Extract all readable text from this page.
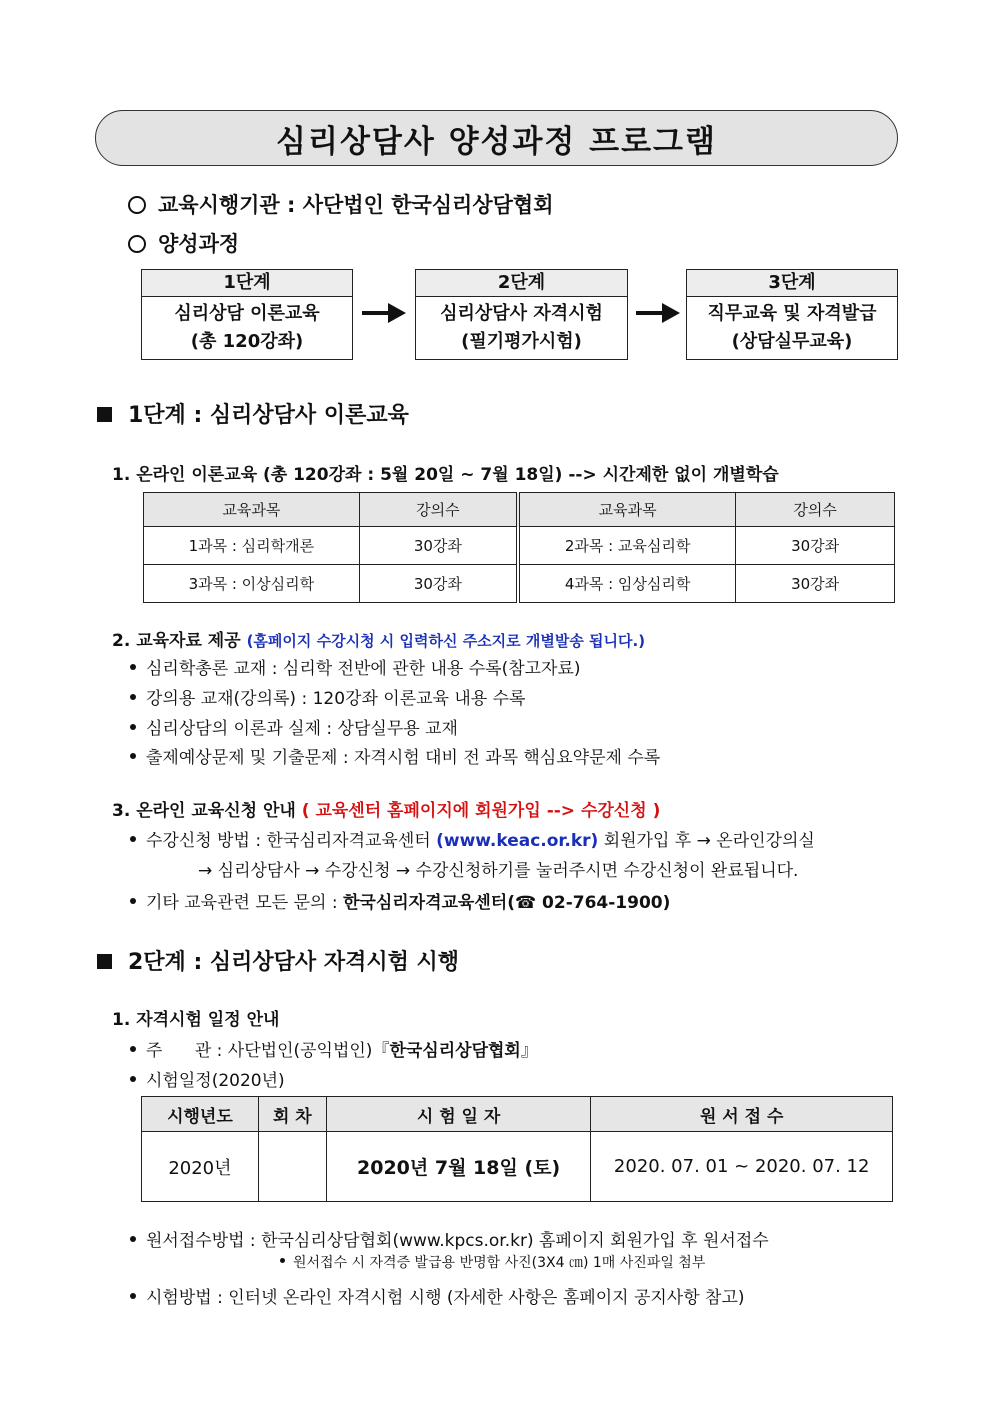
심리상담사 양성과정 프로그램
교육시행기관 : 사단법인 한국심리상담협회
양성과정
1단계
심리상담 이론교육
(총 120강좌)
2단계
심리상담사 자격시험
(필기평가시험)
3단계
직무교육 및 자격발급
(상담실무교육)
1단계 : 심리상담사 이론교육
1. 온라인 이론교육 (총 120강좌 : 5월 20일 ~ 7월 18일) --> 시간제한 없이 개별학습
교육과목	강의수	교육과목	강의수
1과목 : 심리학개론	30강좌	2과목 : 교육심리학	30강좌
3과목 : 이상심리학	30강좌	4과목 : 임상심리학	30강좌
2. 교육자료 제공 (홈페이지 수강시청 시 입력하신 주소지로 개별발송 됩니다.)
심리학총론 교재 : 심리학 전반에 관한 내용 수록(참고자료)
강의용 교재(강의록) : 120강좌 이론교육 내용 수록
심리상담의 이론과 실제 : 상담실무용 교재
출제예상문제 및 기출문제 : 자격시험 대비 전 과목 핵심요약문제 수록
3. 온라인 교육신청 안내 ( 교육센터 홈페이지에 회원가입 --> 수강신청 )
수강신청 방법 : 한국심리자격교육센터 (www.keac.or.kr) 회원가입 후 → 온라인강의실
→ 심리상담사 → 수강신청 → 수강신청하기를 눌러주시면 수강신청이 완료됩니다.
기타 교육관련 모든 문의 : 한국심리자격교육센터(☎ 02-764-1900)
2단계 : 심리상담사 자격시험 시행
1. 자격시험 일정 안내
주      관 : 사단법인(공익법인)『한국심리상담협회』
시험일정(2020년)
시행년도	회 차	시 험 일 자	원 서 접 수
2020년		2020년 7월 18일 (토)	2020. 07. 01 ~ 2020. 07. 12
원서접수방법 : 한국심리상담협회(www.kpcs.or.kr) 홈페이지 회원가입 후 원서접수
원서접수 시 자격증 발급용 반명함 사진(3X4 ㎝) 1매 사진파일 첨부
시험방법 : 인터넷 온라인 자격시험 시행 (자세한 사항은 홈페이지 공지사항 참고)
